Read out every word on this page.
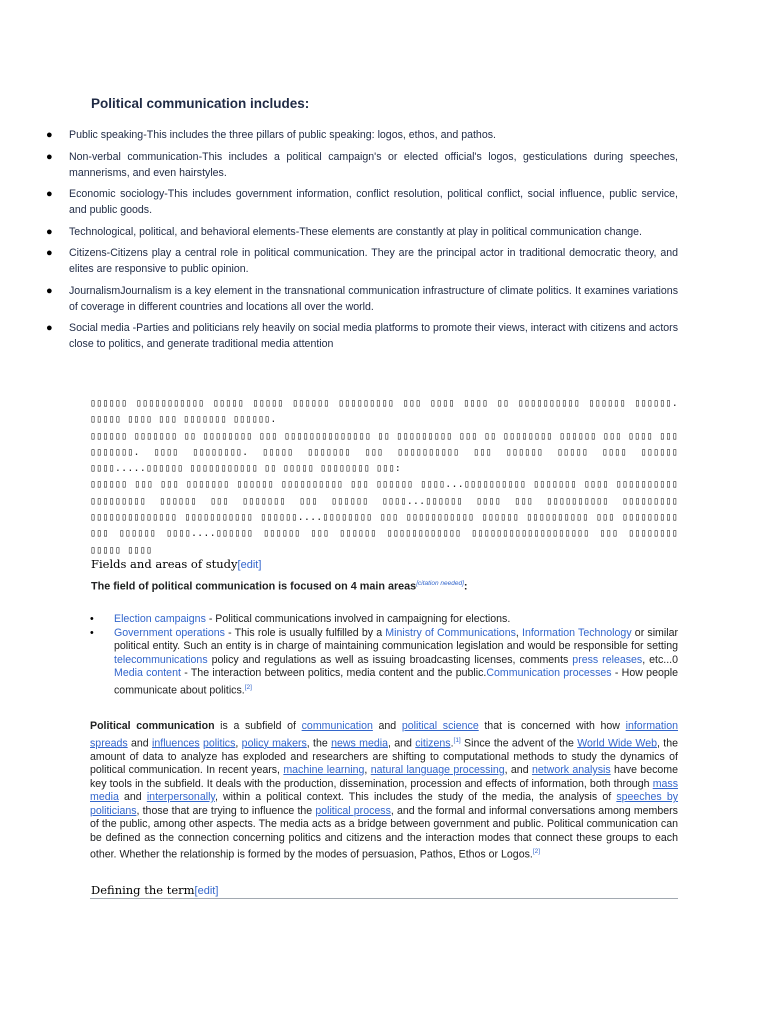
Political communication includes:
● Public speaking-This includes the three pillars of public speaking: logos, ethos, and pathos.
● Non-verbal communication-This includes a political campaign's or elected official's logos, gesticulations during speeches, mannerisms, and even hairstyles.
● Economic sociology-This includes government information, conflict resolution, political conflict, social influence, public service, and public goods.
● Technological, political, and behavioral elements-These elements are constantly at play in political communication change.
● Citizens-Citizens play a central role in political communication. They are the principal actor in traditional democratic theory, and elites are responsive to public opinion.
● JournalismJournalism is a key element in the transnational communication infrastructure of climate politics. It examines variations of coverage in different countries and locations all over the world.
● Social media -Parties and politicians rely heavily on social media platforms to promote their views, interact with citizens and actors close to politics, and generate traditional media attention

▯▯▯▯▯▯ ▯▯▯▯▯▯▯▯▯▯▯ ▯▯▯▯▯ ▯▯▯▯▯ ▯▯▯▯▯▯ ▯▯▯▯▯▯▯▯▯ ▯▯▯ ▯▯▯▯ ▯▯▯▯ ▯▯ ▯▯▯▯▯▯▯▯▯▯ ▯▯▯▯▯▯ ▯▯▯▯▯▯. ▯▯▯▯▯ ▯▯▯▯ ▯▯▯ ▯▯▯▯▯▯▯ ▯▯▯▯▯▯.

▯▯▯▯▯▯ ▯▯▯▯▯▯▯ ▯▯ ▯▯▯▯▯▯▯▯ ▯▯▯ ▯▯▯▯▯▯▯▯▯▯▯▯▯▯ ▯▯ ▯▯▯▯▯▯▯▯▯ ▯▯▯ ▯▯ ▯▯▯▯▯▯▯▯ ▯▯▯▯▯▯ ▯▯▯ ▯▯▯▯ ▯▯▯ ▯▯▯▯▯▯▯. ▯▯▯▯ ▯▯▯▯▯▯▯▯. ▯▯▯▯▯ ▯▯▯▯▯▯▯ ▯▯▯ ▯▯▯▯▯▯▯▯▯▯ ▯▯▯ ▯▯▯▯▯▯ ▯▯▯▯▯ ▯▯▯▯ ▯▯▯▯▯▯ ▯▯▯▯.....▯▯▯▯▯▯ ▯▯▯▯▯▯▯▯▯▯▯ ▯▯ ▯▯▯▯▯ ▯▯▯▯▯▯▯▯ ▯▯▯:

▯▯▯▯▯▯ ▯▯▯ ▯▯▯ ▯▯▯▯▯▯▯ ▯▯▯▯▯▯ ▯▯▯▯▯▯▯▯▯▯ ▯▯▯ ▯▯▯▯▯▯ ▯▯▯▯...▯▯▯▯▯▯▯▯▯▯ ▯▯▯▯▯▯▯ ▯▯▯▯ ▯▯▯▯▯▯▯▯▯▯ ▯▯▯▯▯▯▯▯▯ ▯▯▯▯▯▯ ▯▯▯ ▯▯▯▯▯▯▯ ▯▯▯ ▯▯▯▯▯▯ ▯▯▯▯...▯▯▯▯▯▯ ▯▯▯▯ ▯▯▯ ▯▯▯▯▯▯▯▯▯▯ ▯▯▯▯▯▯▯▯▯ ▯▯▯▯▯▯▯▯▯▯▯▯▯▯ ▯▯▯▯▯▯▯▯▯▯▯ ▯▯▯▯▯▯....▯▯▯▯▯▯▯▯ ▯▯▯ ▯▯▯▯▯▯▯▯▯▯▯ ▯▯▯▯▯▯ ▯▯▯▯▯▯▯▯▯▯ ▯▯▯ ▯▯▯▯▯▯▯▯▯ ▯▯▯ ▯▯▯▯▯▯ ▯▯▯▯....▯▯▯▯▯▯ ▯▯▯▯▯▯ ▯▯▯ ▯▯▯▯▯▯ ▯▯▯▯▯▯▯▯▯▯▯▯ ▯▯▯▯▯▯▯▯▯▯▯▯▯▯▯▯▯▯▯ ▯▯▯ ▯▯▯▯▯▯▯▯ ▯▯▯▯▯ ▯▯▯▯

Fields and areas of study[edit]

The field of political communication is focused on 4 main areas[citation needed]:

• Election campaigns - Political communications involved in campaigning for elections.
• Government operations - This role is usually fulfilled by a Ministry of Communications, Information Technology or similar political entity. Such an entity is in charge of maintaining communication legislation and would be responsible for setting telecommunications policy and regulations as well as issuing broadcasting licenses, comments press releases, etc...0 Media content - The interaction between politics, media content and the public.Communication processes - How people communicate about politics.[2]

Political communication is a subfield of communication and political science that is concerned with how information spreads and influences politics, policy makers, the news media, and citizens.[1] Since the advent of the World Wide Web, the amount of data to analyze has exploded and researchers are shifting to computational methods to study the dynamics of political communication. In recent years, machine learning, natural language processing, and network analysis have become key tools in the subfield. It deals with the production, dissemination, procession and effects of information, both through mass media and interpersonally, within a political context. This includes the study of the media, the analysis of speeches by politicians, those that are trying to influence the political process, and the formal and informal conversations among members of the public, among other aspects. The media acts as a bridge between government and public. Political communication can be defined as the connection concerning politics and citizens and the interaction modes that connect these groups to each other. Whether the relationship is formed by the modes of persuasion, Pathos, Ethos or Logos.[2]

Defining the term[edit]
